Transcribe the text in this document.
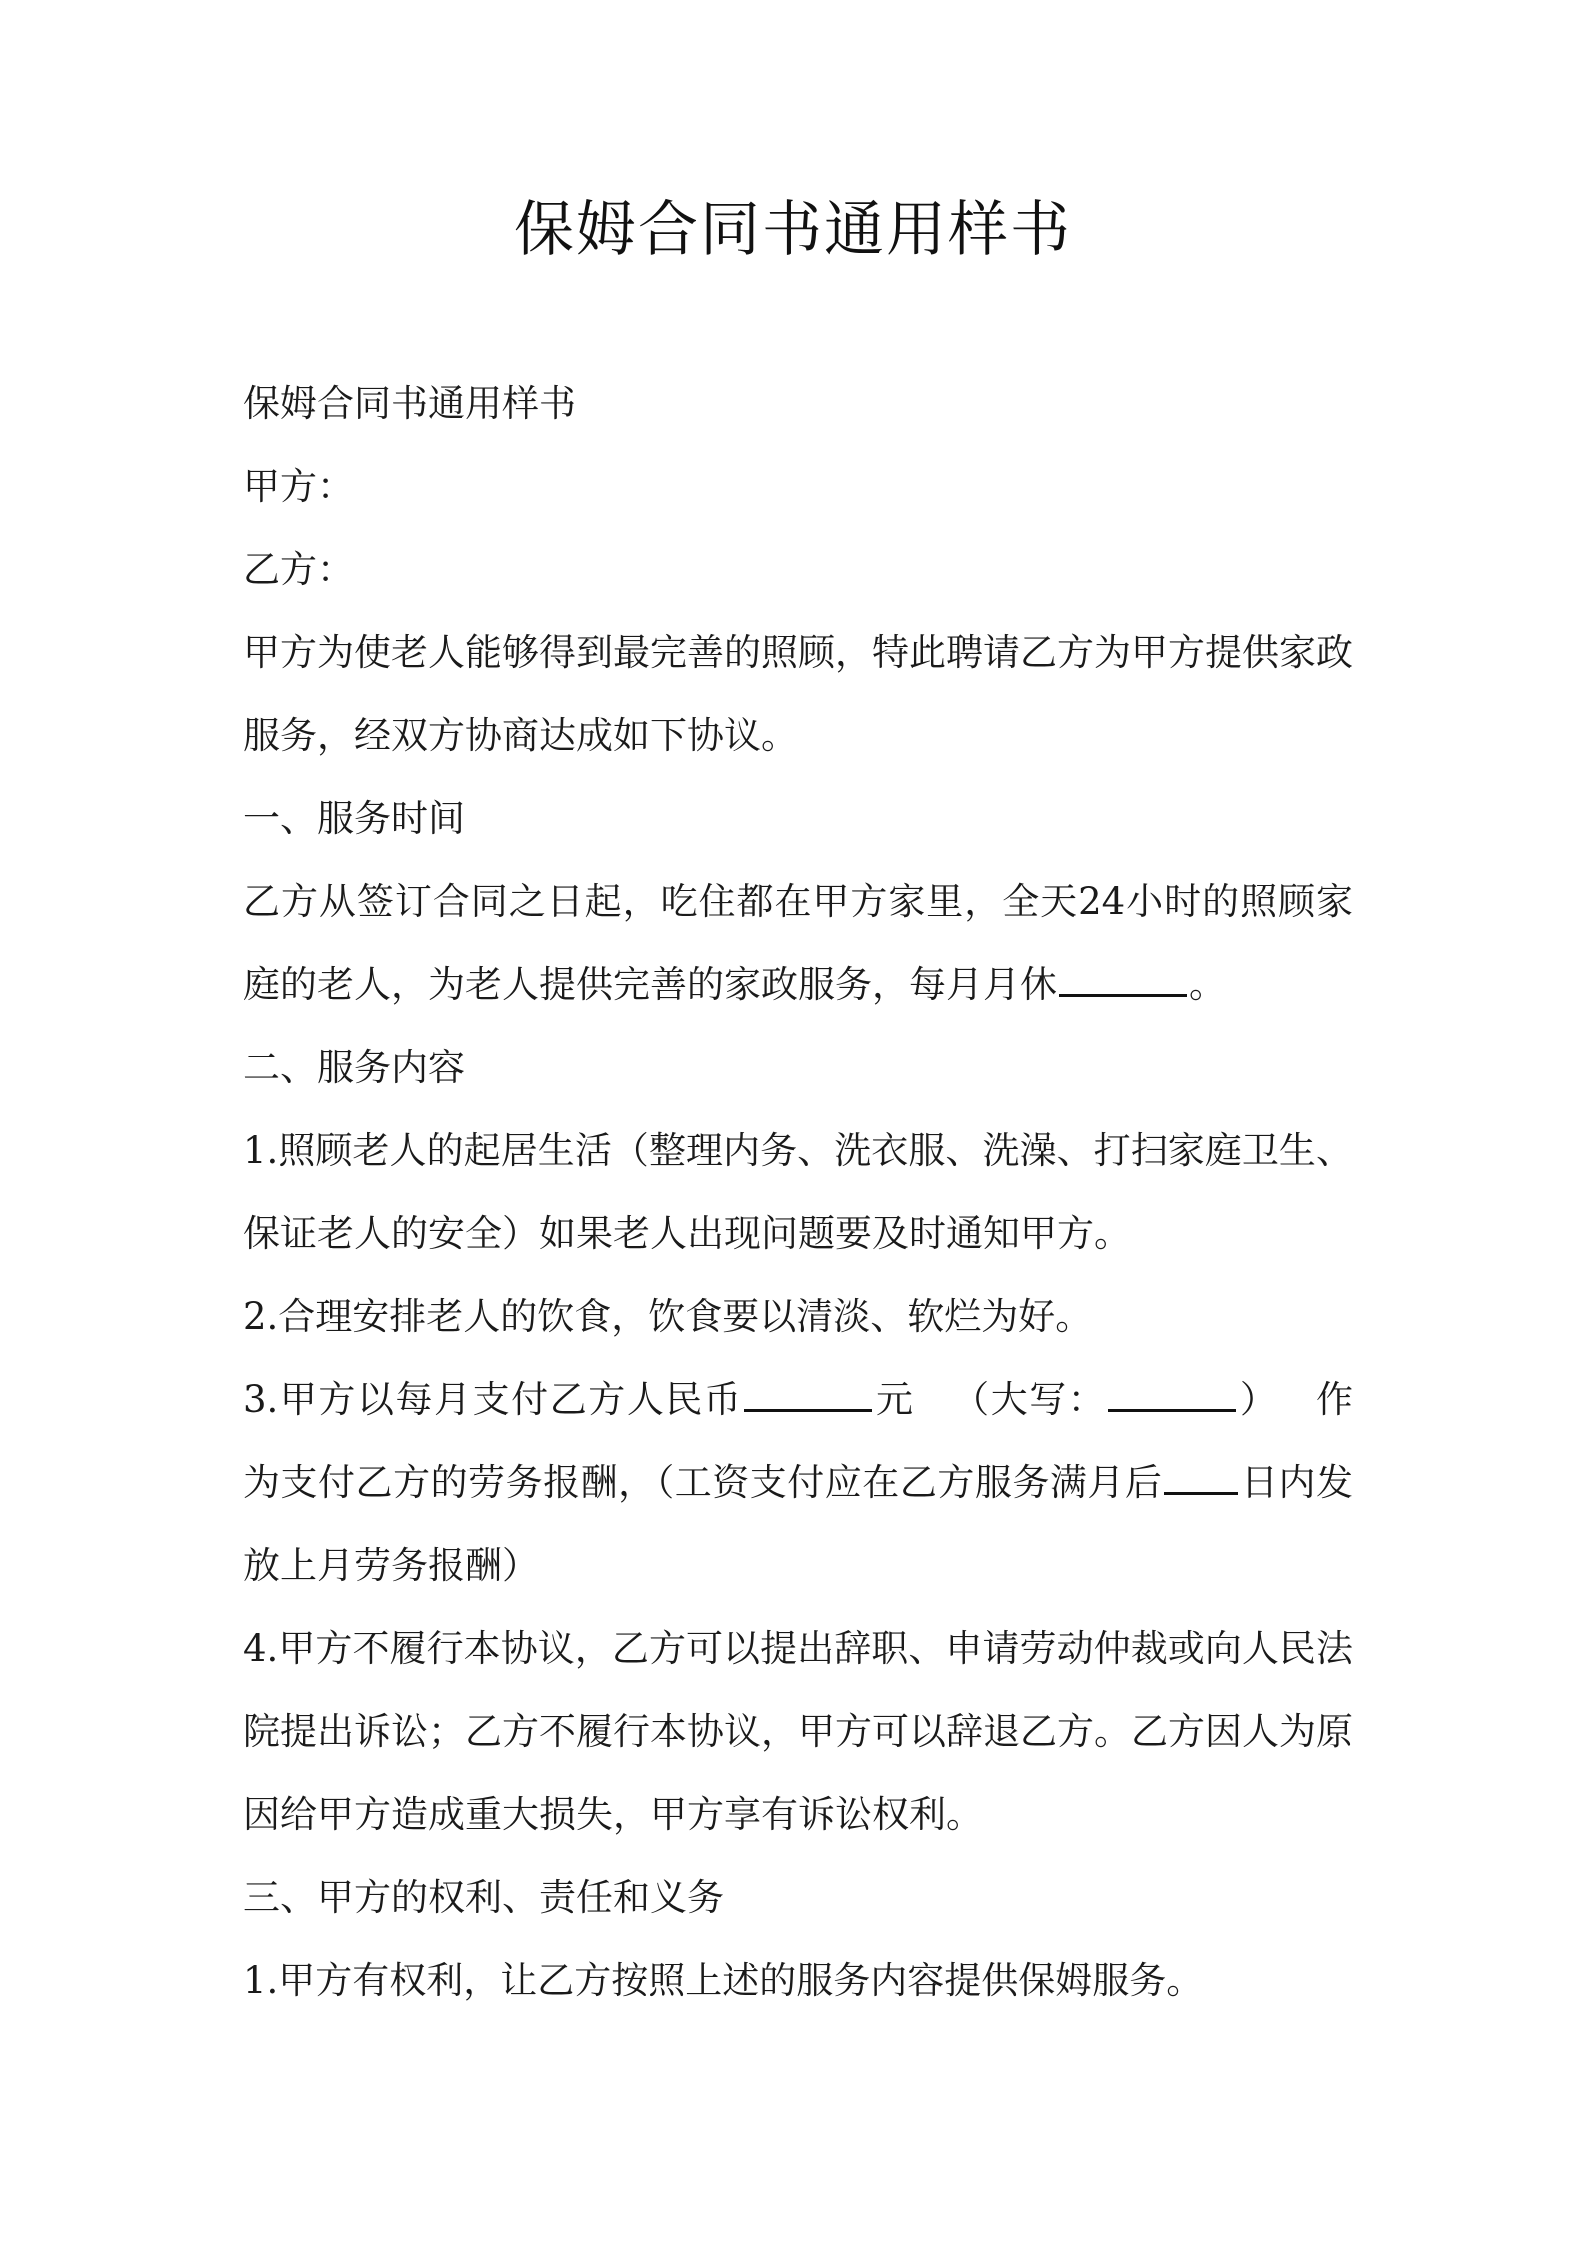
保姆合同书通用样书

保姆合同书通用样书

甲方：

乙方：

甲方为使老人能够得到最完善的照顾，特此聘请乙方为甲方提供家政服务，经双方协商达成如下协议。

一、服务时间

乙方从签订合同之日起，吃住都在甲方家里，全天24小时的照顾家庭的老人，为老人提供完善的家政服务，每月月休	。

二、服务内容

1.照顾老人的起居生活（整理内务、洗衣服、洗澡、打扫家庭卫生、保证老人的安全）如果老人出现问题要及时通知甲方。

2.合理安排老人的饮食，饮食要以清淡、软烂为好。

3.甲方以每月支付乙方人民币	元 （大写：	） 作为支付乙方的劳务报酬，（工资支付应在乙方服务满月后 日内发放上月劳务报酬）

4.甲方不履行本协议，乙方可以提出辞职、申请劳动仲裁或向人民法院提出诉讼；乙方不履行本协议，甲方可以辞退乙方。乙方因人为原因给甲方造成重大损失，甲方享有诉讼权利。

三、甲方的权利、责任和义务

1.甲方有权利，让乙方按照上述的服务内容提供保姆服务。
